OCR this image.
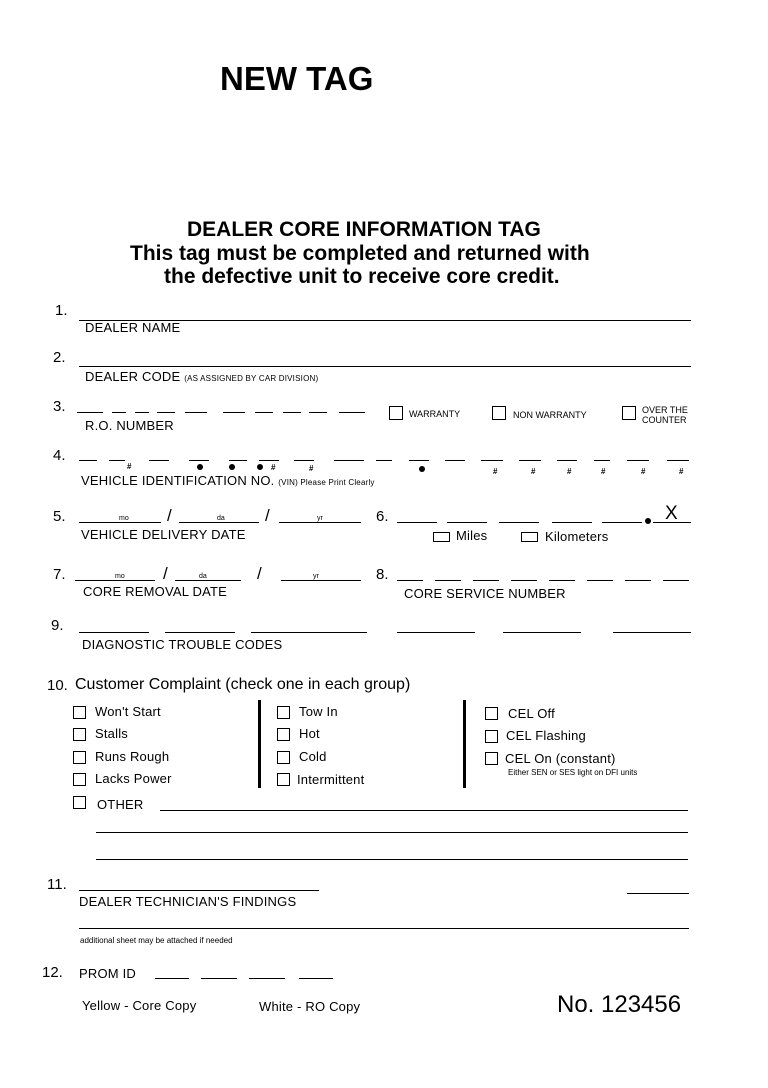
NEW TAG
DEALER CORE INFORMATION TAG
This tag must be completed and returned with
the defective unit to receive core credit.
1.
DEALER NAME
2.
DEALER CODE (AS ASSIGNED BY CAR DIVISION)
3.
R.O. NUMBER
WARRANTY	NON WARRANTY	OVER THE
COUNTER
4.
#	#	#	#	#	#	#	#	#
VEHICLE IDENTIFICATION NO. (VIN) Please Print Clearly
5.	/	/
mo	da	yr
VEHICLE DELIVERY DATE
6.	X
Miles	Kilometers
7.	/	/
mo	da	yr
CORE REMOVAL DATE
8.
CORE SERVICE NUMBER
9.
DIAGNOSTIC TROUBLE CODES
10. Customer Complaint (check one in each group)
Won't Start
Stalls
Runs Rough
Lacks Power
Tow In
Hot
Cold
Intermittent
CEL Off
CEL Flashing
CEL On (constant)
Either SEN or SES light on DFI units
OTHER
11.
DEALER TECHNICIAN'S FINDINGS
additional sheet may be attached if needed
12. PROM ID
Yellow - Core Copy	White - RO Copy	No. 123456
